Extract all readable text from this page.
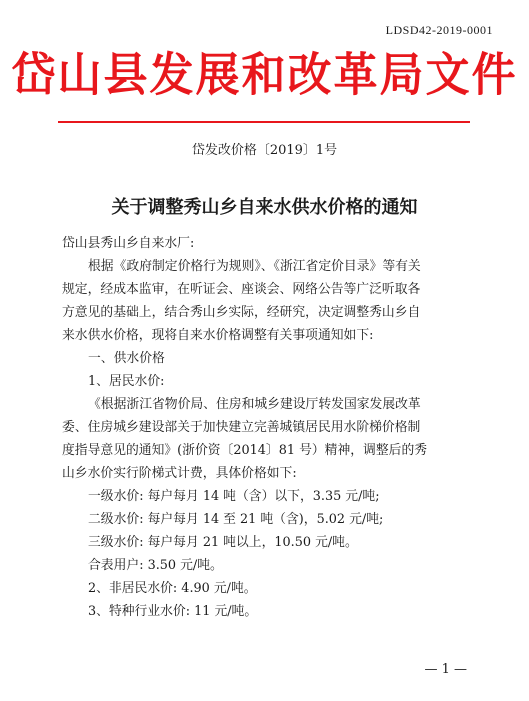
LDSD42-2019-0001
岱山县发展和改革局文件
岱发改价格〔2019〕1号
关于调整秀山乡自来水供水价格的通知
岱山县秀山乡自来水厂:
根据《政府制定价格行为规则》、《浙江省定价目录》等有关
规定，经成本监审，在听证会、座谈会、网络公告等广泛听取各
方意见的基础上，结合秀山乡实际，经研究，决定调整秀山乡自
来水供水价格，现将自来水价格调整有关事项通知如下:
一、供水价格
1、居民水价:
《根据浙江省物价局、住房和城乡建设厅转发国家发展改革
委、住房城乡建设部关于加快建立完善城镇居民用水阶梯价格制
度指导意见的通知》(浙价资〔2014〕81 号）精神，调整后的秀
山乡水价实行阶梯式计费，具体价格如下:
一级水价: 每户每月 14 吨（含）以下，3.35 元/吨;
二级水价: 每户每月 14 至 21 吨（含)，5.02 元/吨;
三级水价: 每户每月 21 吨以上，10.50 元/吨。
合表用户: 3.50 元/吨。
2、非居民水价: 4.90 元/吨。
3、特种行业水价: 11 元/吨。
— 1 —
